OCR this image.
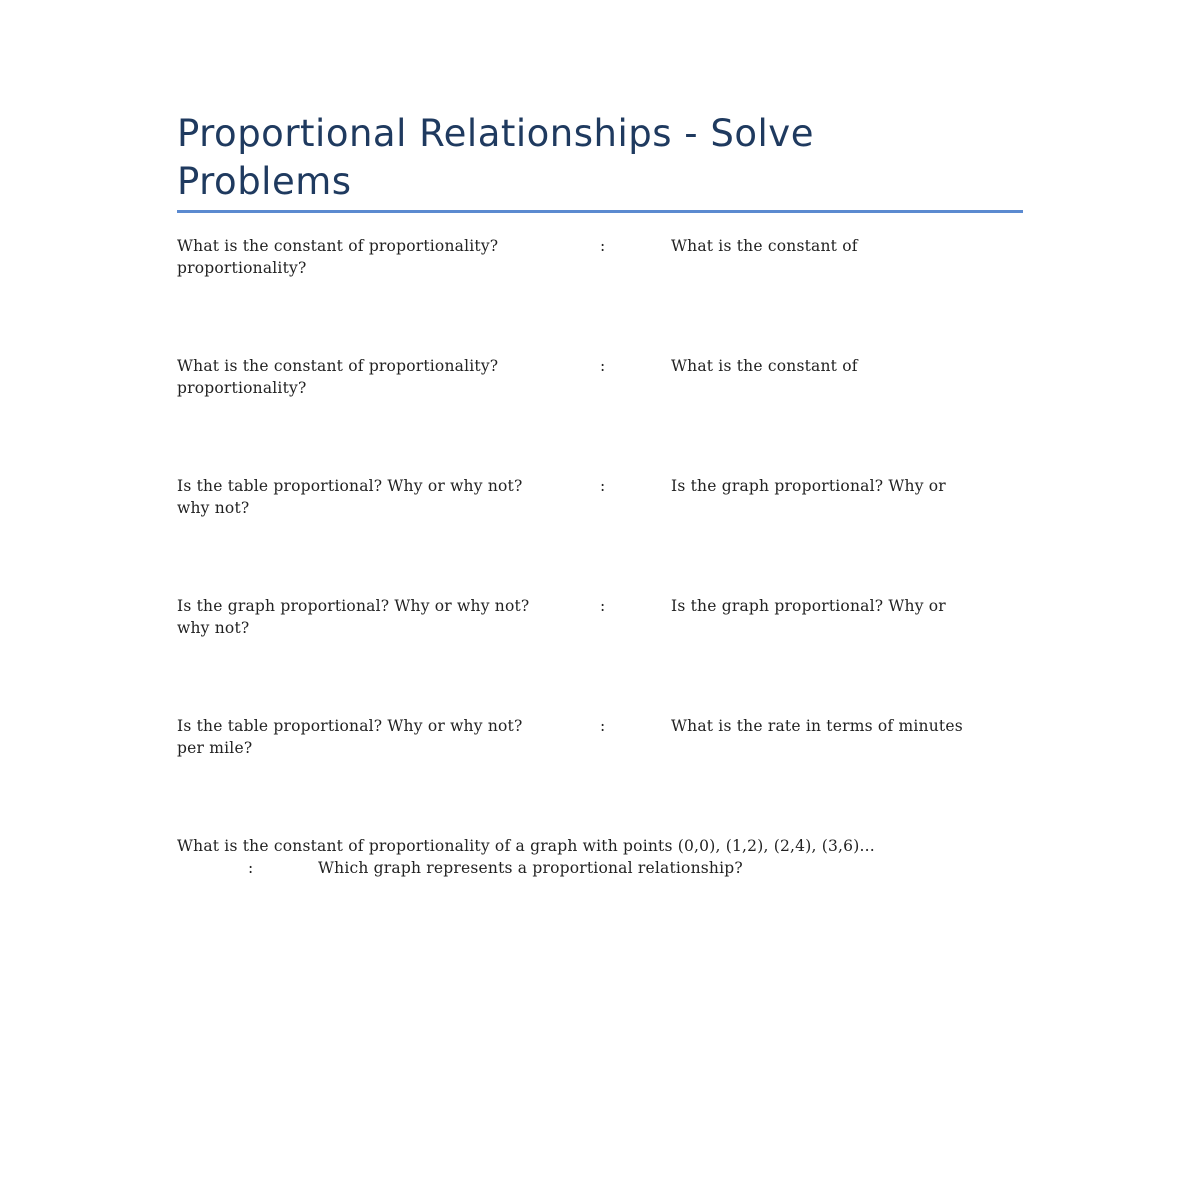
Proportional Relationships - Solve
Problems
What is the constant of proportionality?	:	What is the constant of
proportionality?
What is the constant of proportionality?	:	What is the constant of
proportionality?
Is the table proportional? Why or why not?	:	Is the graph proportional? Why or
why not?
Is the graph proportional? Why or why not?	:	Is the graph proportional? Why or
why not?
Is the table proportional? Why or why not?	:	What is the rate in terms of minutes
per mile?
What is the constant of proportionality of a graph with points (0,0), (1,2), (2,4), (3,6)...
:	Which graph represents a proportional relationship?
